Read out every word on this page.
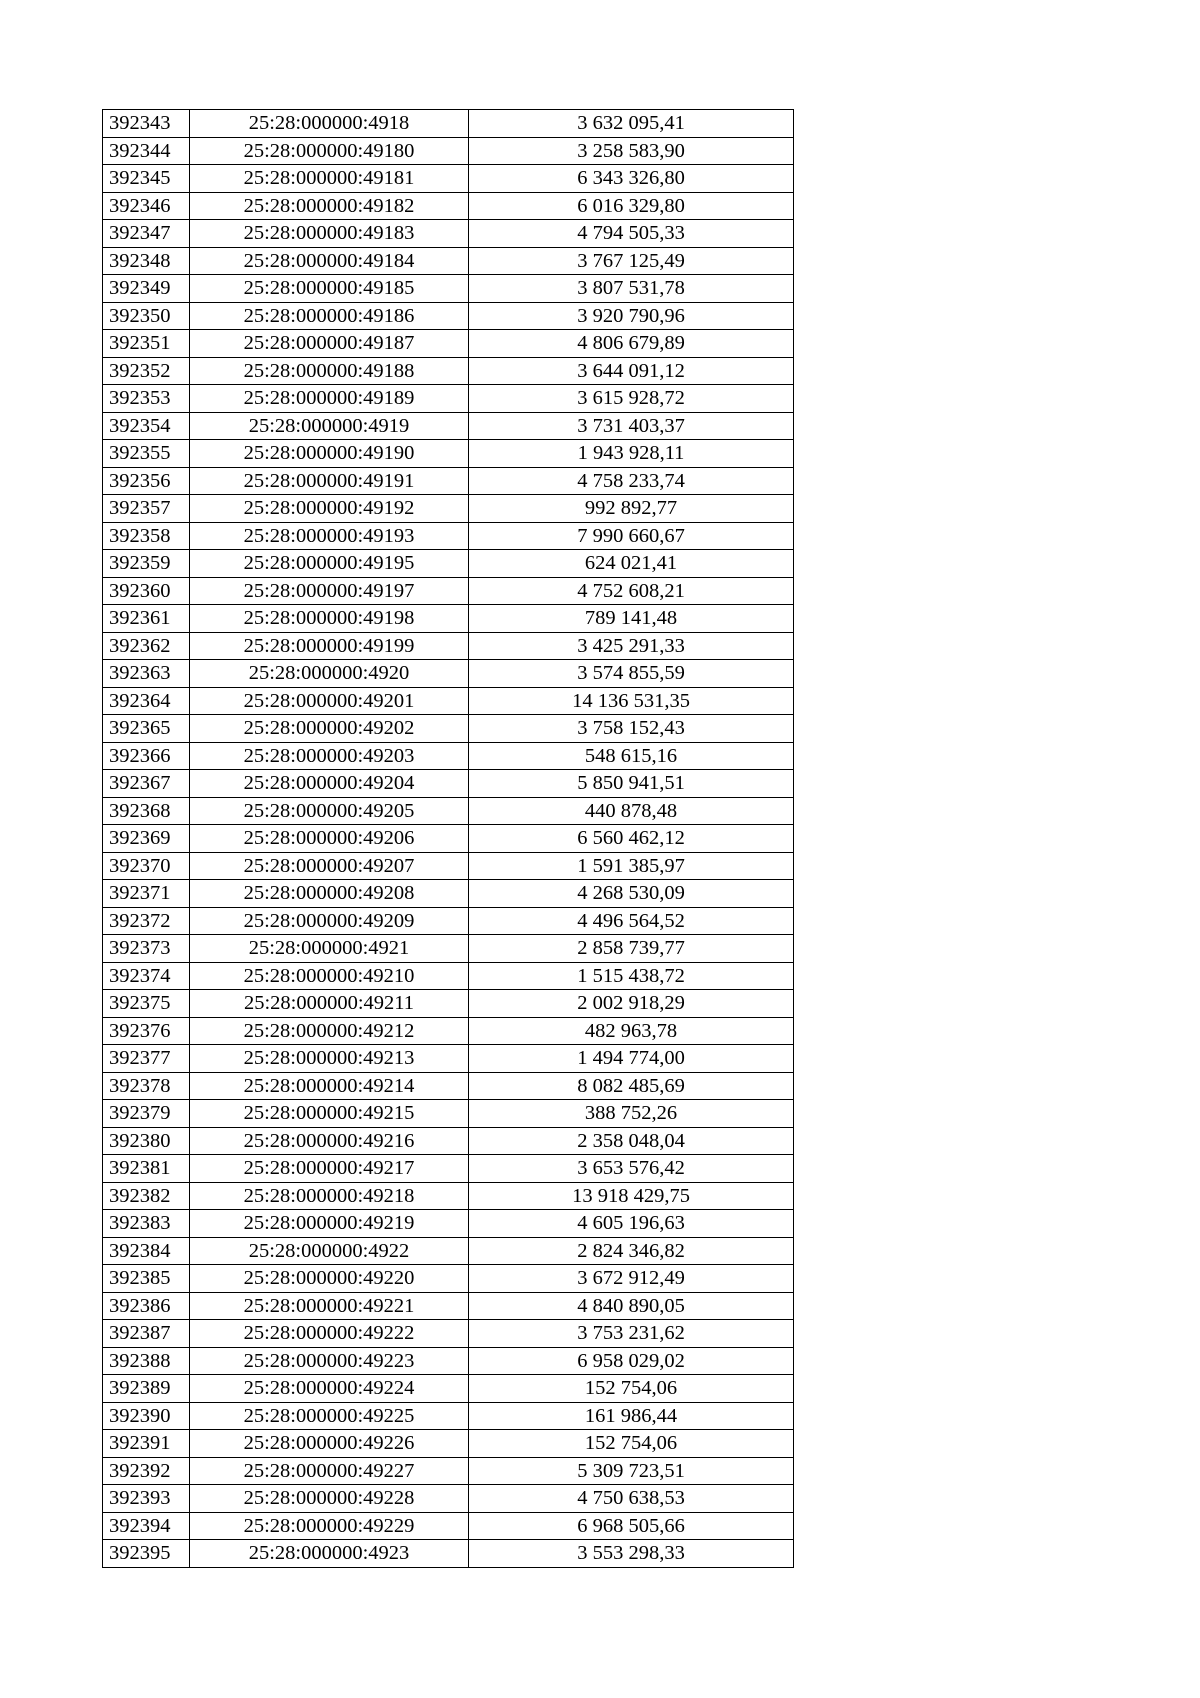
392343	25:28:000000:4918	3 632 095,41
392344	25:28:000000:49180	3 258 583,90
392345	25:28:000000:49181	6 343 326,80
392346	25:28:000000:49182	6 016 329,80
392347	25:28:000000:49183	4 794 505,33
392348	25:28:000000:49184	3 767 125,49
392349	25:28:000000:49185	3 807 531,78
392350	25:28:000000:49186	3 920 790,96
392351	25:28:000000:49187	4 806 679,89
392352	25:28:000000:49188	3 644 091,12
392353	25:28:000000:49189	3 615 928,72
392354	25:28:000000:4919	3 731 403,37
392355	25:28:000000:49190	1 943 928,11
392356	25:28:000000:49191	4 758 233,74
392357	25:28:000000:49192	992 892,77
392358	25:28:000000:49193	7 990 660,67
392359	25:28:000000:49195	624 021,41
392360	25:28:000000:49197	4 752 608,21
392361	25:28:000000:49198	789 141,48
392362	25:28:000000:49199	3 425 291,33
392363	25:28:000000:4920	3 574 855,59
392364	25:28:000000:49201	14 136 531,35
392365	25:28:000000:49202	3 758 152,43
392366	25:28:000000:49203	548 615,16
392367	25:28:000000:49204	5 850 941,51
392368	25:28:000000:49205	440 878,48
392369	25:28:000000:49206	6 560 462,12
392370	25:28:000000:49207	1 591 385,97
392371	25:28:000000:49208	4 268 530,09
392372	25:28:000000:49209	4 496 564,52
392373	25:28:000000:4921	2 858 739,77
392374	25:28:000000:49210	1 515 438,72
392375	25:28:000000:49211	2 002 918,29
392376	25:28:000000:49212	482 963,78
392377	25:28:000000:49213	1 494 774,00
392378	25:28:000000:49214	8 082 485,69
392379	25:28:000000:49215	388 752,26
392380	25:28:000000:49216	2 358 048,04
392381	25:28:000000:49217	3 653 576,42
392382	25:28:000000:49218	13 918 429,75
392383	25:28:000000:49219	4 605 196,63
392384	25:28:000000:4922	2 824 346,82
392385	25:28:000000:49220	3 672 912,49
392386	25:28:000000:49221	4 840 890,05
392387	25:28:000000:49222	3 753 231,62
392388	25:28:000000:49223	6 958 029,02
392389	25:28:000000:49224	152 754,06
392390	25:28:000000:49225	161 986,44
392391	25:28:000000:49226	152 754,06
392392	25:28:000000:49227	5 309 723,51
392393	25:28:000000:49228	4 750 638,53
392394	25:28:000000:49229	6 968 505,66
392395	25:28:000000:4923	3 553 298,33
